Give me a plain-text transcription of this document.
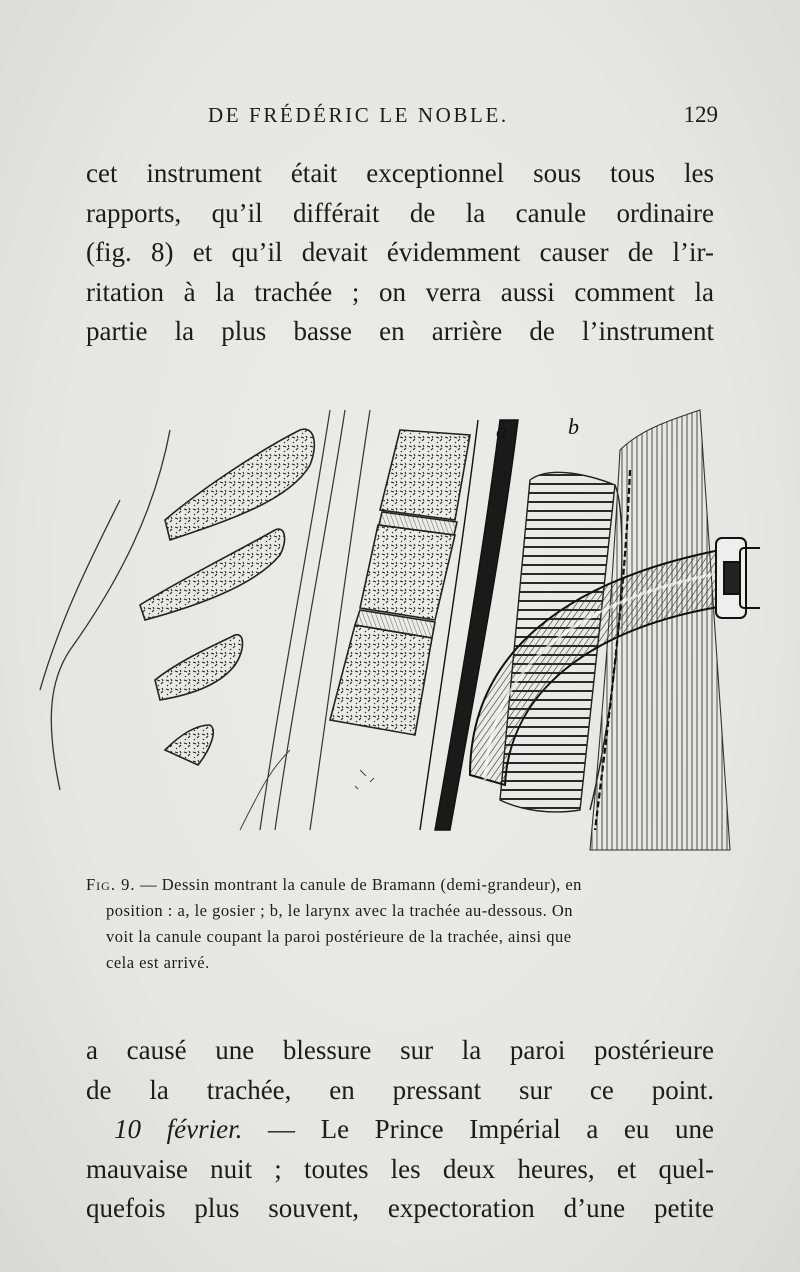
DE FRÉDÉRIC LE NOBLE.	129

cet instrument était exceptionnel sous tous les
rapports, qu’il différait de la canule ordinaire
(fig. 8) et qu’il devait évidemment causer de l’ir-
ritation à la trachée ; on verra aussi comment la
partie la plus basse en arrière de l’instrument

a	b
Fig. 9. — Dessin montrant la canule de Bramann (demi-grandeur), en
position : a, le gosier ; b, le larynx avec la trachée au-dessous. On
voit la canule coupant la paroi postérieure de la trachée, ainsi que
cela est arrivé.

a causé une blessure sur la paroi postérieure
de la trachée, en pressant sur ce point.
10 février. — Le Prince Impérial a eu une
mauvaise nuit ; toutes les deux heures, et quel-
quefois plus souvent, expectoration d’une petite
